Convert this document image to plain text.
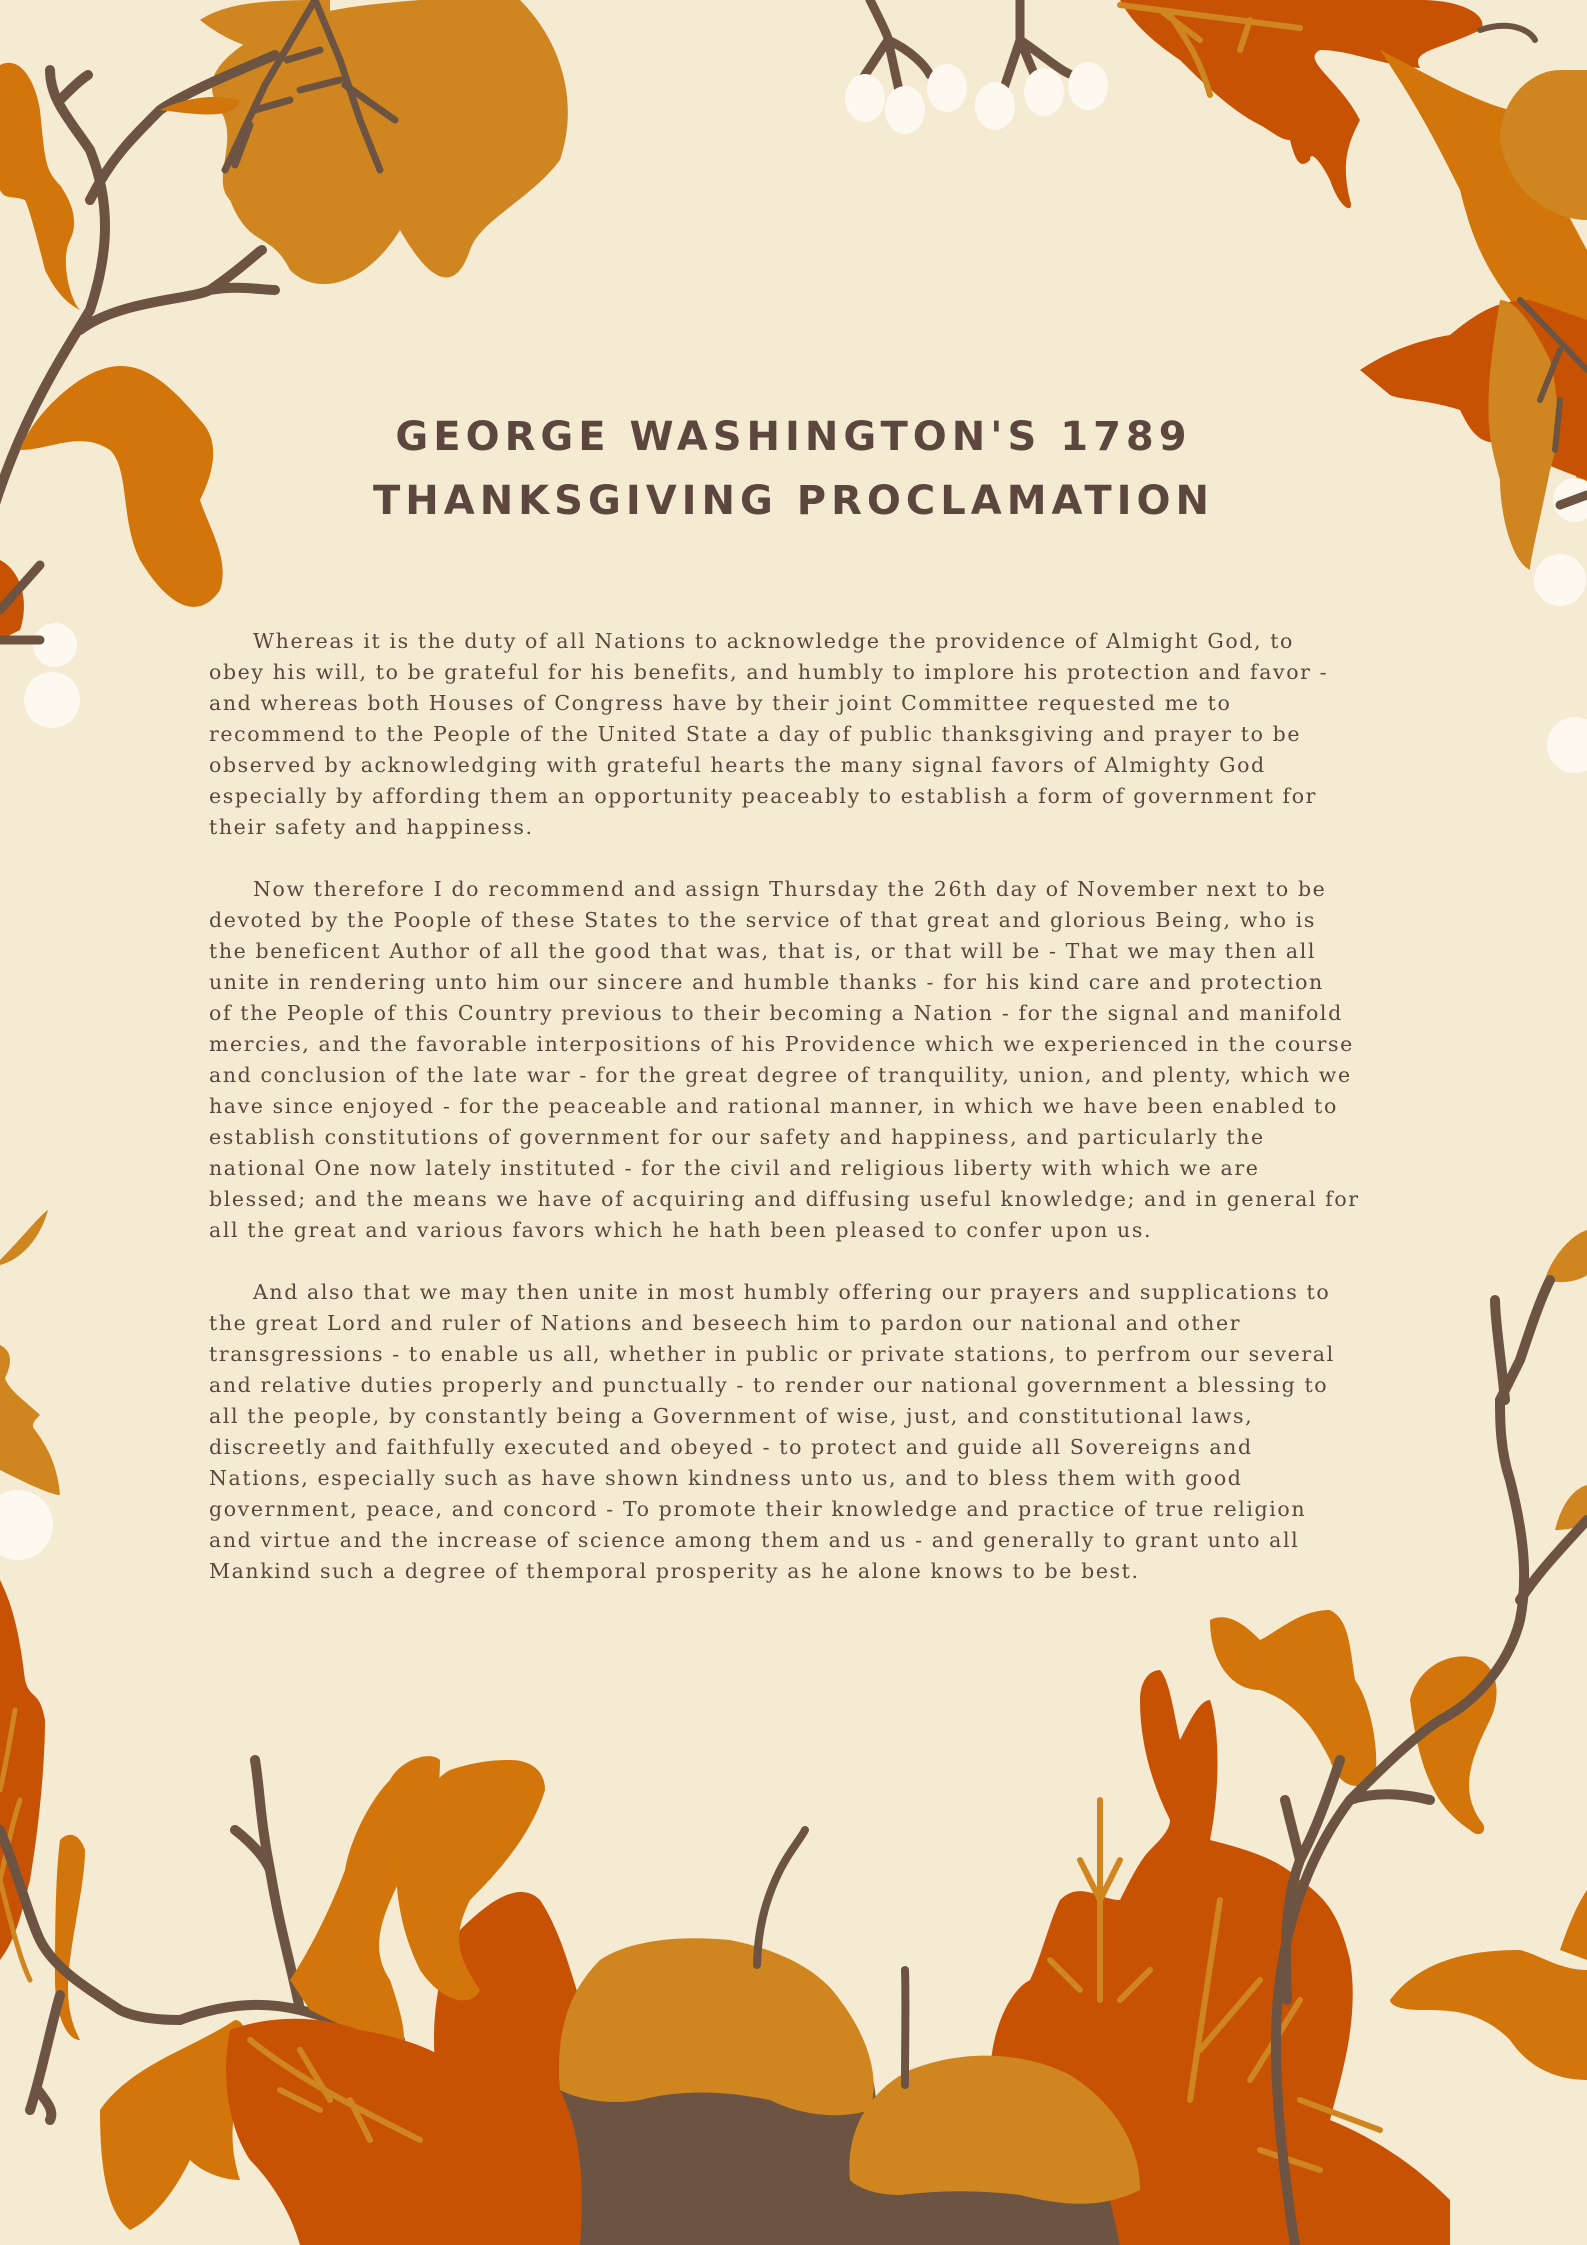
GEORGE WASHINGTON'S 1789
THANKSGIVING PROCLAMATION

Whereas it is the duty of all Nations to acknowledge the providence of Almight God, to
obey his will, to be grateful for his benefits, and humbly to implore his protection and favor -
and whereas both Houses of Congress have by their joint Committee requested me to
recommend to the People of the United State a day of public thanksgiving and prayer to be
observed by acknowledging with grateful hearts the many signal favors of Almighty God
especially by affording them an opportunity peaceably to establish a form of government for
their safety and happiness.

Now therefore I do recommend and assign Thursday the 26th day of November next to be
devoted by the Poople of these States to the service of that great and glorious Being, who is
the beneficent Author of all the good that was, that is, or that will be - That we may then all
unite in rendering unto him our sincere and humble thanks - for his kind care and protection
of the People of this Country previous to their becoming a Nation - for the signal and manifold
mercies, and the favorable interpositions of his Providence which we experienced in the course
and conclusion of the late war - for the great degree of tranquility, union, and plenty, which we
have since enjoyed - for the peaceable and rational manner, in which we have been enabled to
establish constitutions of government for our safety and happiness, and particularly the
national One now lately instituted - for the civil and religious liberty with which we are
blessed; and the means we have of acquiring and diffusing useful knowledge; and in general for
all the great and various favors which he hath been pleased to confer upon us.

And also that we may then unite in most humbly offering our prayers and supplications to
the great Lord and ruler of Nations and beseech him to pardon our national and other
transgressions - to enable us all, whether in public or private stations, to perfrom our several
and relative duties properly and punctually - to render our national government a blessing to
all the people, by constantly being a Government of wise, just, and constitutional laws,
discreetly and faithfully executed and obeyed - to protect and guide all Sovereigns and
Nations, especially such as have shown kindness unto us, and to bless them with good
government, peace, and concord - To promote their knowledge and practice of true religion
and virtue and the increase of science among them and us - and generally to grant unto all
Mankind such a degree of themporal prosperity as he alone knows to be best.
